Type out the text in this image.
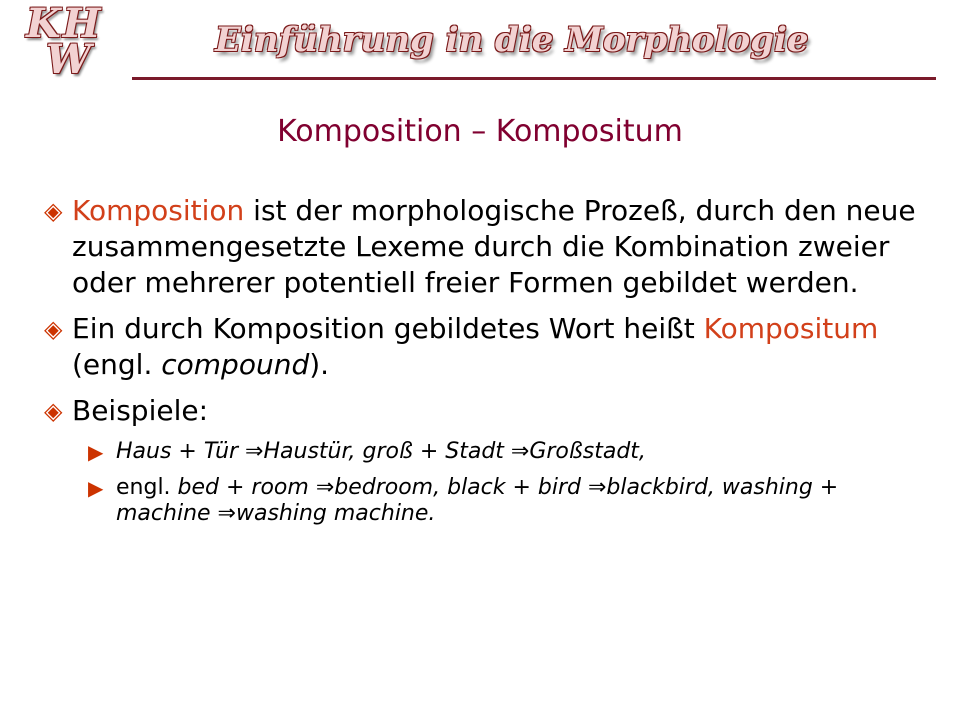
KH
W	Einführung in die Morphologie
Komposition – Kompositum
◈ Komposition ist der morphologische Prozeß, durch den neue
zusammengesetzte Lexeme durch die Kombination zweier
oder mehrerer potentiell freier Formen gebildet werden.
◈ Ein durch Komposition gebildetes Wort heißt Kompositum
(engl. compound).
◈ Beispiele:
▶ Haus + Tür ⇒Haustür, groß + Stadt ⇒Großstadt,
▶ engl. bed + room ⇒bedroom, black + bird ⇒blackbird, washing +
machine ⇒washing machine.
